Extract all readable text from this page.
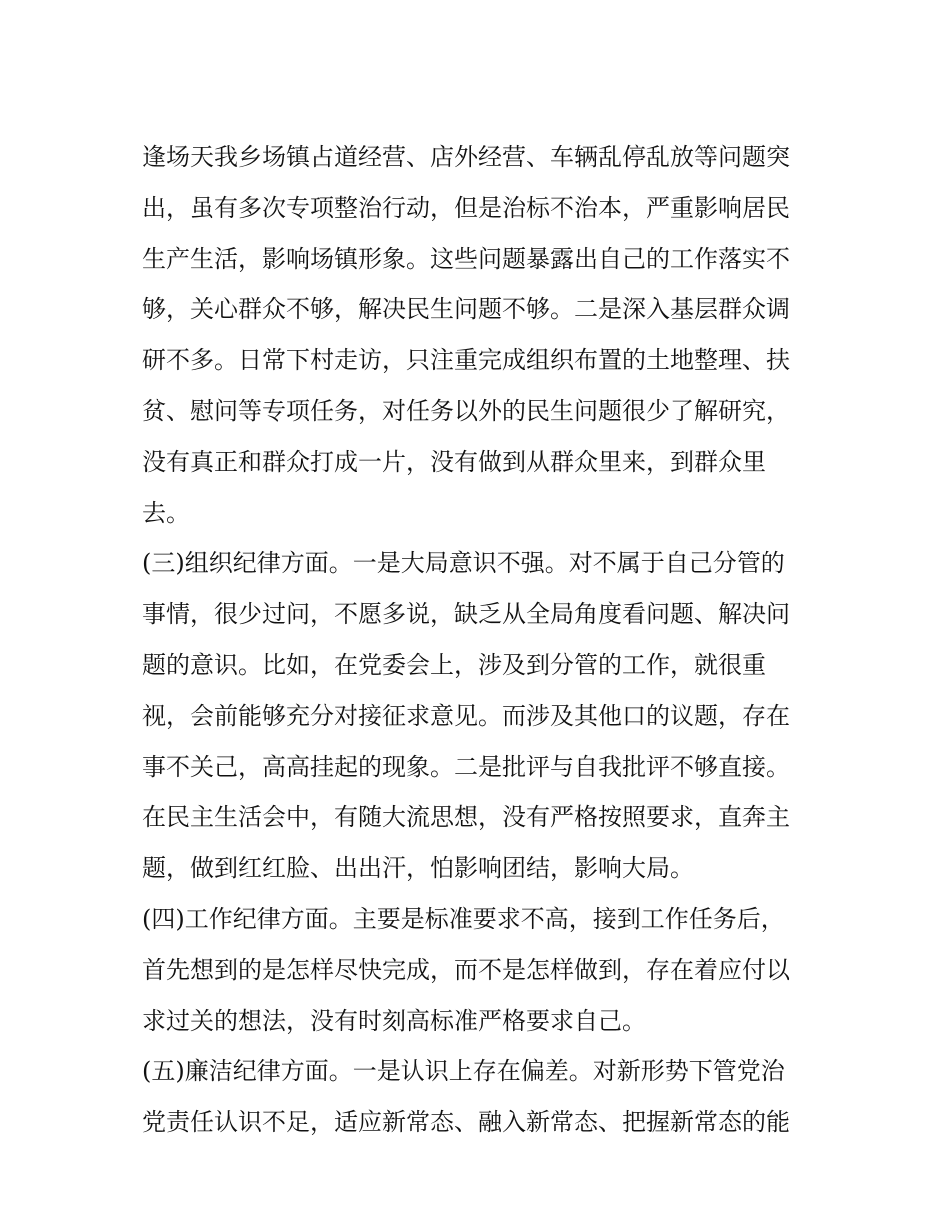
逢场天我乡场镇占道经营、店外经营、车辆乱停乱放等问题突
出，虽有多次专项整治行动，但是治标不治本，严重影响居民
生产生活，影响场镇形象。这些问题暴露出自己的工作落实不
够，关心群众不够，解决民生问题不够。二是深入基层群众调
研不多。日常下村走访，只注重完成组织布置的土地整理、扶
贫、慰问等专项任务，对任务以外的民生问题很少了解研究，
没有真正和群众打成一片，没有做到从群众里来，到群众里
去。
(三)组织纪律方面。一是大局意识不强。对不属于自己分管的
事情，很少过问，不愿多说，缺乏从全局角度看问题、解决问
题的意识。比如，在党委会上，涉及到分管的工作，就很重
视，会前能够充分对接征求意见。而涉及其他口的议题，存在
事不关己，高高挂起的现象。二是批评与自我批评不够直接。
在民主生活会中，有随大流思想，没有严格按照要求，直奔主
题，做到红红脸、出出汗，怕影响团结，影响大局。
(四)工作纪律方面。主要是标准要求不高，接到工作任务后，
首先想到的是怎样尽快完成，而不是怎样做到，存在着应付以
求过关的想法，没有时刻高标准严格要求自己。
(五)廉洁纪律方面。一是认识上存在偏差。对新形势下管党治
党责任认识不足，适应新常态、融入新常态、把握新常态的能
